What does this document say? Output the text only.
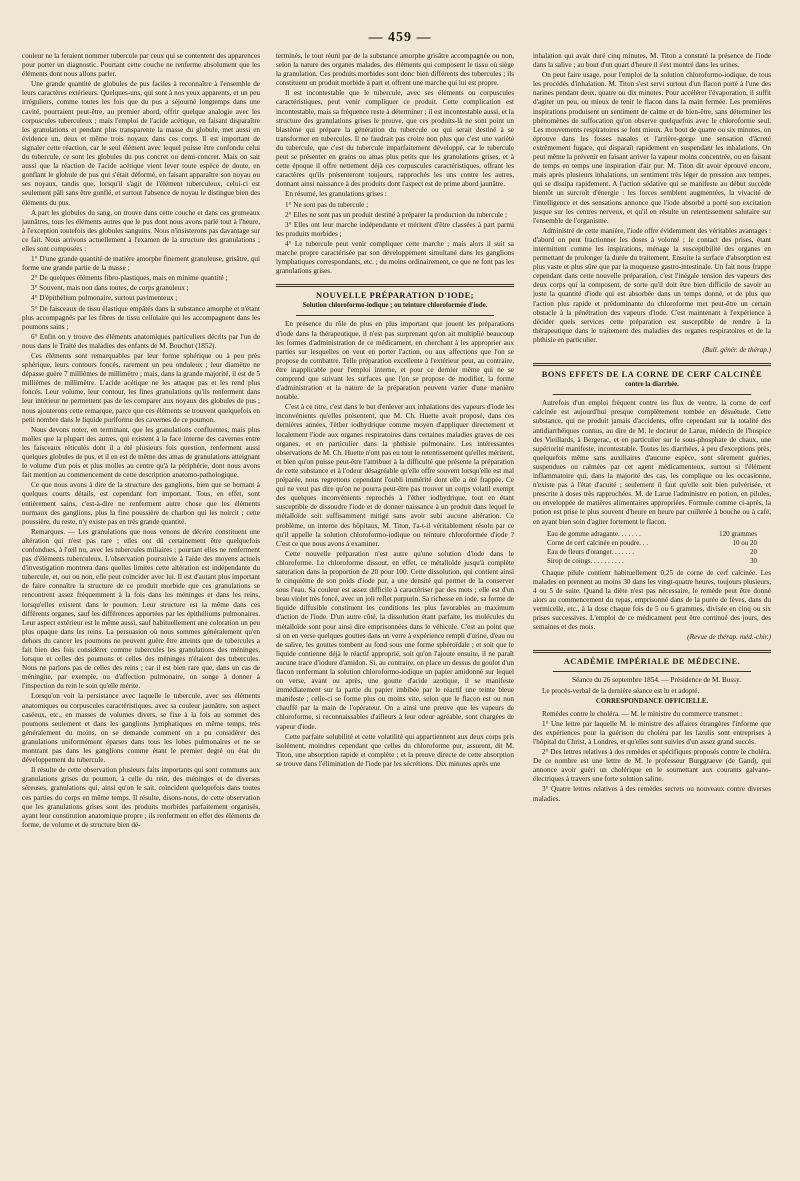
— 459 —

couleur ne la feraient nommer tubercule par ceux qui se contentent des apparences pour porter un diagnostic. Pourtant cette couche ne renferme absolument que les éléments dont nous allons parler.

Une grande quantité de globules de pus faciles à reconnaître à l'ensemble de leurs caractères extérieurs. Quelques-uns, qui sont à nos yeux apparents, et un peu irréguliers, comme toutes les fois que du pus a séjourné longtemps dans une cavité, pourraient peut-être, au premier abord, offrir quelque analogie avec les corpuscules tuberculeux ; mais l'emploi de l'acide acétique, en faisant disparaître les granulations et pendant plus transparente la masse du globule, met aussi en évidence un, deux et même trois noyaux dans ces corps. Il est important de signaler cette réaction, car le seul élément avec lequel puisse être confondu celui du tubercule, ce sont les globules du pus concret ou demi-concret. Mais on sait aussi que la réaction de l'acide acétique vient lever toute espèce de doute, en gonflant le globule de pus qui s'était déformé, en faisant apparaître son noyau ou ses noyaux, tandis que, lorsqu'il s'agit de l'élément tuberculeux, celui-ci est seulement pâli sans être gonflé, et surtout l'absence de noyau le distingue bien des éléments du pus.

A part les globules du sang, on trouve dans cette couche et dans ces grumeaux jaunâtres, tous les éléments autres que le pus dont nous avons parlé tout à l'heure, à l'exception toutefois des globules sanguins. Nous n'insisterons pas davantage sur ce fait. Nous arrivons actuellement à l'examen de la structure des granulations ; elles sont composées :

1° D'une grande quantité de matière amorphe finement granuleuse, grisâtre, qui forme une grande partie de la masse ;

2° De quelques éléments fibro-plastiques, mais en minime quantité ;

3° Souvent, mais non dans toutes, de corps granuleux ;

4° D'épithélium pulmonaire, surtout pavimenteux ;

5° De faisceaux de tissu élastique empâtés dans la substance amorphe et n'étant plus accompagnés par les fibres de tissu cellulaire qui les accompagnent dans les poumons sains ;

6° Enfin on y trouve des éléments anatomiques particuliers décrits par l'un de nous dans le Traité des maladies des enfants de M. Bouchut (1852).

Ces éléments sont remarquables par leur forme sphérique ou à peu près sphérique, leurs contours foncés, rarement un peu onduleux ; leur diamètre ne dépasse guère 7 millièmes de millimètre ; mais, dans la grande majorité, il est de 5 millièmes de millimètre. L'acide acétique ne les attaque pas et les rend plus foncés. Leur volume, leur contour, les fines granulations qu'ils renferment dans leur intérieur ne permettent pas de les comparer aux noyaux des globules de pus ; nous ajouterons cette remarque, parce que ces éléments se trouvent quelquefois en petit nombre dans le liquide puriforme des cavernes de ce poumon.

Nous devons noter, en terminant, que les granulations confluentes, mais plus molles que la plupart des autres, qui existent à la face interne des cavernes entre les faisceaux réticulés dont il a été plusieurs fois question, renferment aussi quelques globules de pus, et il en est de même des amas de granulations atteignant le volume d'un pois et plus molles au centre qu'à la périphérie, dont nous avons fait mention au commencement de cette description anatomo-pathologique.

Ce que nous avons à dire de la structure des ganglions, bien que se bornant à quelques courts détails, est cependant fort important. Tous, en effet, sont entièrement sains, c'est-à-dire ne renferment autre chose que les éléments normaux des ganglions, plus la fine poussière de charbon qui les noircit ; cette poussière, du reste, n'y existe pas en très grande quantité.

Remarques. — Les granulations que nous venons de décrire constituent une altération qui n'est pas rare ; elles ont dû certainement être quelquefois confondues, à l'œil nu, avec les tubercules miliaires ; pourtant elles ne renferment pas d'éléments tuberculeux. L'observation poursuivie à l'aide des moyens actuels d'investigation montrera dans quelles limites cette altération est indépendante du tubercule, et, oui ou non, elle peut coïncider avec lui. Il est d'autant plus important de faire connaître la structure de ce produit morbide que ces granulations se rencontrent assez fréquemment à la fois dans les méninges et dans les reins, lorsqu'elles existent dans le poumon. Leur structure est la même dans ces différents organes, sauf les différences apportées par les épithéliums pulmonaires. Leur aspect extérieur est le même aussi, sauf habituellement une coloration un peu plus opaque dans les reins. La persuasion où nous sommes généralement qu'en dehors du cancer les poumons ne peuvent guère être atteints que de tubercules a fait bien des fois considérer comme tubercules les granulations des méninges, lorsque et celles des poumons et celles des méninges n'étaient des tubercules. Nous ne parlons pas de celles des reins ; car il est bien rare que, dans un cas de méningite, par exemple, ou d'affection pulmonaire, on songe à donner à l'inspection du rein le soin qu'elle mérite.

Lorsqu'on voit la persistance avec laquelle le tubercule, avec ses éléments anatomiques ou corpuscules caractéristiques, avec sa couleur jaunâtre, son aspect caséeux, etc., en masses de volumes divers, se fixe à la fois au sommet des poumons seulement et dans les ganglions lymphatiques en même temps, très généralement du moins, on se demande comment on a pu considérer des granulations uniformément éparses dans tous les lobes pulmonaires et ne se montrant pas dans les ganglions comme étant le premier degré ou état du développement du tubercule.

Il résulte de cette observation plusieurs faits importants qui sont communs aux granulations grises du poumon, à celle du rein, des méninges et de diverses séreuses, granulations qui, ainsi qu'on le sait, coïncident quelquefois dans toutes ces parties du corps en même temps. Il résulte, disons-nous, de cette observation que les granulations grises sont des produits morbides parfaitement organisés, ayant leur constitution anatomique propre ; ils renferment en effet des éléments de forme, de volume et de structure bien dé-

terminés, le tout réuni par de la substance amorphe grisâtre accompagnée ou non, selon la nature des organes malades, des éléments qui composent le tissu où siège la granulation. Ces produits morbides sont donc bien différents des tubercules ; ils constituent un produit morbide à part et offrent une marche qui lui est propre.

Il est incontestable que le tubercule, avec ses éléments ou corpuscules caractéristiques, peut venir compliquer ce produit. Cette complication est incontestable, mais sa fréquence reste à déterminer ; il est incontestable aussi, et la structure des granulations grises le prouve, que ces produits-là ne sont point un blastème qui prépare la génération du tubercule ou qui serait destiné à se transformer en tubercules. Il ne faudrait pas croire non plus que c'est une variété du tubercule, que c'est du tubercule imparfaitement développé, car le tubercule peut se présenter en grains ou amas plus petits que les granulations grises, et à cette époque il offre nettement déjà ces corpuscules caractéristiques, offrant les caractères qu'ils présenteront toujours, rapprochés les uns contre les autres, donnant ainsi naissance à des produits dont l'aspect est de prime abord jaunâtre.

En résumé, les granulations grises :

1° Ne sont pas du tubercule ;

2° Elles ne sont pas un produit destiné à préparer la production du tubercule ;

3° Elles ont leur marche indépendante et méritent d'être classées à part parmi les produits morbides ;

4° Le tubercule peut venir compliquer cette marche ; mais alors il suit sa marche propre caractérisée par son développement simultané dans les ganglions lymphatiques correspondants, etc. ; du moins ordinairement, ce que ne font pas les granulations grises.

NOUVELLE PRÉPARATION D'IODE;
Solution chloroformo-iodique ; ou teinture chloroformée d'iode.

En présence du rôle de plus en plus important que jouent les préparations d'iode dans la thérapeutique, il n'est pas surprenant qu'on ait multiplié beaucoup les formes d'administration de ce médicament, en cherchant à les approprier aux parties sur lesquelles on veut en porter l'action, ou aux affections que l'on se propose de combattre. Telle préparation excellente à l'extérieur peut, au contraire, être inapplicable pour l'emploi interne, et pour ce dernier même qui ne se comprend que suivant les surfaces que l'on se propose de modifier, la forme d'administration et la nature de la préparation peuvent varier d'une manière notable.

C'est à ce titre, c'est dans le but d'enlever aux inhalations des vapeurs d'iode les inconvénients qu'elles présentent, que M. Ch. Huette avait proposé, dans ces dernières années, l'éther iodhydrique comme moyen d'appliquer directement et localement l'iode aux organes respiratoires dans certaines maladies graves de ces organes, et en particulier dans la phthisie pulmonaire. Les intéressantes observations de M. Ch. Huette n'ont pas eu tout le retentissement qu'elles méritent, et bien qu'on puisse peut-être l'attribuer à la difficulté que présente la préparation de cette substance et à l'odeur désagréable qu'elle offre souvent lorsqu'elle est mal préparée, nous regrettons cependant l'oubli immérité dont elle a été frappée. Ce qui ne veut pas dire qu'on ne pourra peut-être pas trouver un corps volatil exempt des quelques inconvénients reprochés à l'éther iodhydrique, tout en étant susceptible de dissoudre l'iode et de donner naissance à un produit dans lequel le métalloïde soit suffisamment mitigé sans avoir subi aucune altération. Ce problème, un interne des hôpitaux, M. Titon, l'a-t-il véritablement résolu par ce qu'il appelle la solution chloroformo-iodique ou teinture chloroformée d'iode ? C'est ce que nous avons à examiner.

Cette nouvelle préparation n'est autre qu'une solution d'iode dans le chloroforme. Le chloroforme dissout, en effet, ce métalloïde jusqu'à complète saturation dans la proportion de 20 pour 100. Cette dissolution, qui contient ainsi le cinquième de son poids d'iode pur, a une densité qui permet de la conserver sous l'eau. Sa couleur est assez difficile à caractériser par des mots ; elle est d'un beau violet très foncé, avec un joli reflet purpurin. Sa richesse en iode, sa forme de liquide diffusible constituent les conditions les plus favorables au maximum d'action de l'iode. D'un autre côté, la dissolution étant parfaite, les molécules du métalloïde sont pour ainsi dire emprisonnées dans le véhicule. C'est au point que si on en verse quelques gouttes dans un verre à expérience rempli d'urine, d'eau ou de salive, les gouttes tombent au fond sous une forme sphéroïdale ; et soit que le liquide contienne déjà le réactif approprié, soit qu'on l'ajoute ensuite, il ne paraît aucune trace d'iodure d'amidon. Si, au contraire, on place un dessus du goulot d'un flacon renfermant la solution chloroformo-iodique un papier amidonné sur lequel on verse, avant ou après, une goutte d'acide azotique, il se manifeste immédiatement sur la partie du papier imbibée par le réactif une teinte bleue manifeste ; celle-ci se forme plus ou moins vite, selon que le flacon est ou non chauffé par la main de l'opérateur. On a ainsi une preuve que les vapeurs de chloroforme, si reconnaissables d'ailleurs à leur odeur agréable, sont chargées de vapeur d'iode.

Cette parfaite solubilité et cette volatilité qui appartiennent aux deux corps pris isolément, moindres cependant que celles du chloroforme pur, assurent, dit M. Titon, une absorption rapide et complète ; et la preuve directe de cette absorption se trouve dans l'élimination de l'iode par les sécrétions. Dix minutes après une

inhalation qui avait duré cinq minutes, M. Titon a constaté la présence de l'iode dans la salive ; au bout d'un quart d'heure il s'est montré dans les urines.

On peut faire usage, pour l'emploi de la solution chloroformo-iodique, de tous les procédés d'inhalation. M. Titon s'est servi surtout d'un flacon porté à l'une des narines pendant deux, quatre ou dix minutes. Pour accélérer l'évaporation, il suffit d'agiter un peu, ou mieux de tenir le flacon dans la main fermée. Les premières inspirations produisent un sentiment de calme et de bien-être, sans déterminer les phénomènes de suffocation qu'on observe quelquefois avec le chloroforme seul. Les mouvements respiratoires se font mieux. Au bout de quatre ou six minutes, on éprouve dans les fosses nasales et l'arrière-gorge une sensation d'âcreté extrêmement fugace, qui disparaît rapidement en suspendant les inhalations. On peut même la prévenir en faisant arriver la vapeur moins concentrée, ou en faisant de temps en temps une inspiration d'air pur. M. Titon dit avoir éprouvé encore, mais après plusieurs inhalations, un sentiment très léger de pression aux tempes, qui se dissipa rapidement. A l'action sédative qui se manifeste au début succède bientôt un surcroît d'énergie : les forces semblent augmentées, la vivacité de l'intelligence et des sensations annonce que l'iode absorbé a porté son excitation jusque sur les centres nerveux, et qu'il en résulte un retentissement salutaire sur l'ensemble de l'organisme.

Administré de cette manière, l'iode offre évidemment des véritables avantages : d'abord on peut fractionner les doses à volonté ; le contact des prises, étant intermittent comme les inspirations, ménage la susceptibilité des organes en permettant de prolonger la durée du traitement. Ensuite la surface d'absorption est plus vaste et plus sûre que par la muqueuse gastro-intestinale. Un fait nous frappe cependant dans cette nouvelle préparation, c'est l'inégale tension des vapeurs des deux corps qui la composent, de sorte qu'il doit être bien difficile de savoir au juste la quantité d'iode qui est absorbée dans un temps donné, et de plus que l'action plus rapide et prédominante du chloroforme met peut-être un certain obstacle à la pénétration des vapeurs d'iode. C'est maintenant à l'expérience à décider quels services cette préparation est susceptible de rendre à la thérapeutique dans le traitement des maladies des organes respiratoires et de la phthisie en particulier.

(Bull. génér. de thérap.)
BONS EFFETS DE LA CORNE DE CERF CALCINÉE
contre la diarrhée.

Autrefois d'un emploi fréquent contre les flux de ventre, la corne de cerf calcinée est aujourd'hui presque complètement tombée en désuétude. Cette substance, qui ne produit jamais d'accidents, offre cependant sur la totalité des antidiarrhéiques connus, au dire de M. le docteur de Larue, médecin de l'hospice des Vieillards, à Bergerac, et en particulier sur le sous-phosphate de chaux, une supériorité manifeste, incontestable. Toutes les diarrhées, à peu d'exceptions près, quelquefois même sans auxiliaires d'aucune espèce, sont sûrement guéries, suspendues ou calmées par cet agent médicamenteux, surtout si l'élément inflammatoire qui, dans la majorité des cas, les complique ou les occasionne, n'existe pas à l'état d'acuité ; seulement il faut qu'elle soit bien pulvérisée, et prescrite à doses très rapprochées. M. de Larue l'administre en potion, en pilules, ou enveloppée de matières alimentaires appropriées. Formule comme ci-après, la potion est prise le plus souvent d'heure en heure par cuillerée à bouche ou à café, en ayant bien soin d'agiter fortement le flacon.

Eau de gomme adragante. . . . . . .	120 grammes
Corne de cerf calcinée en poudre. . .	10 ou 20
Eau de fleurs d'oranger. . . . . . .	20
Sirop de coings. . . . . . . . . .	30

Chaque pilule contient habituellement 0,25 de corne de cerf calcinée. Les malades en prennent au moins 30 dans les vingt-quatre heures, toujours plusieurs, 4 ou 5 de suite. Quand la diète n'est pas nécessaire, le remède peut être donné alors au commencement du repas, emprisonné dans de la purée de fèves, dans du vermicelle, etc., à la dose chaque fois de 5 ou 6 grammes, divisée en cinq ou six prises successives. L'emploi de ce médicament peut être continué des jours, des semaines et des mois.

(Revue de thérap. méd.-chir.)
ACADÉMIE IMPÉRIALE DE MÉDECINE.

Séance du 26 septembre 1854. — Présidence de M. Bussy.

Le procès-verbal de la dernière séance est lu et adopté.

CORRESPONDANCE OFFICIELLE.

Remèdes contre le choléra. — M. le ministre du commerce transmet :

1° Une lettre par laquelle M. le ministre des affaires étrangères l'informe que des expériences pour la guérison du choléra par les lazulis sont entreprises à l'hôpital du Christ, à Londres, et qu'elles sont suivies d'un assez grand succès.

2° Des lettres relatives à des remèdes et spécifiques proposés contre le choléra. De ce nombre est une lettre de M. le professeur Burggraeve (de Gand), qui annonce avoir guéri un cholérique en le soumettant aux courants galvano-électriques à travers une forte solution saline.

3° Quatre lettres relatives à des remèdes secrets ou nouveaux contre diverses maladies.
